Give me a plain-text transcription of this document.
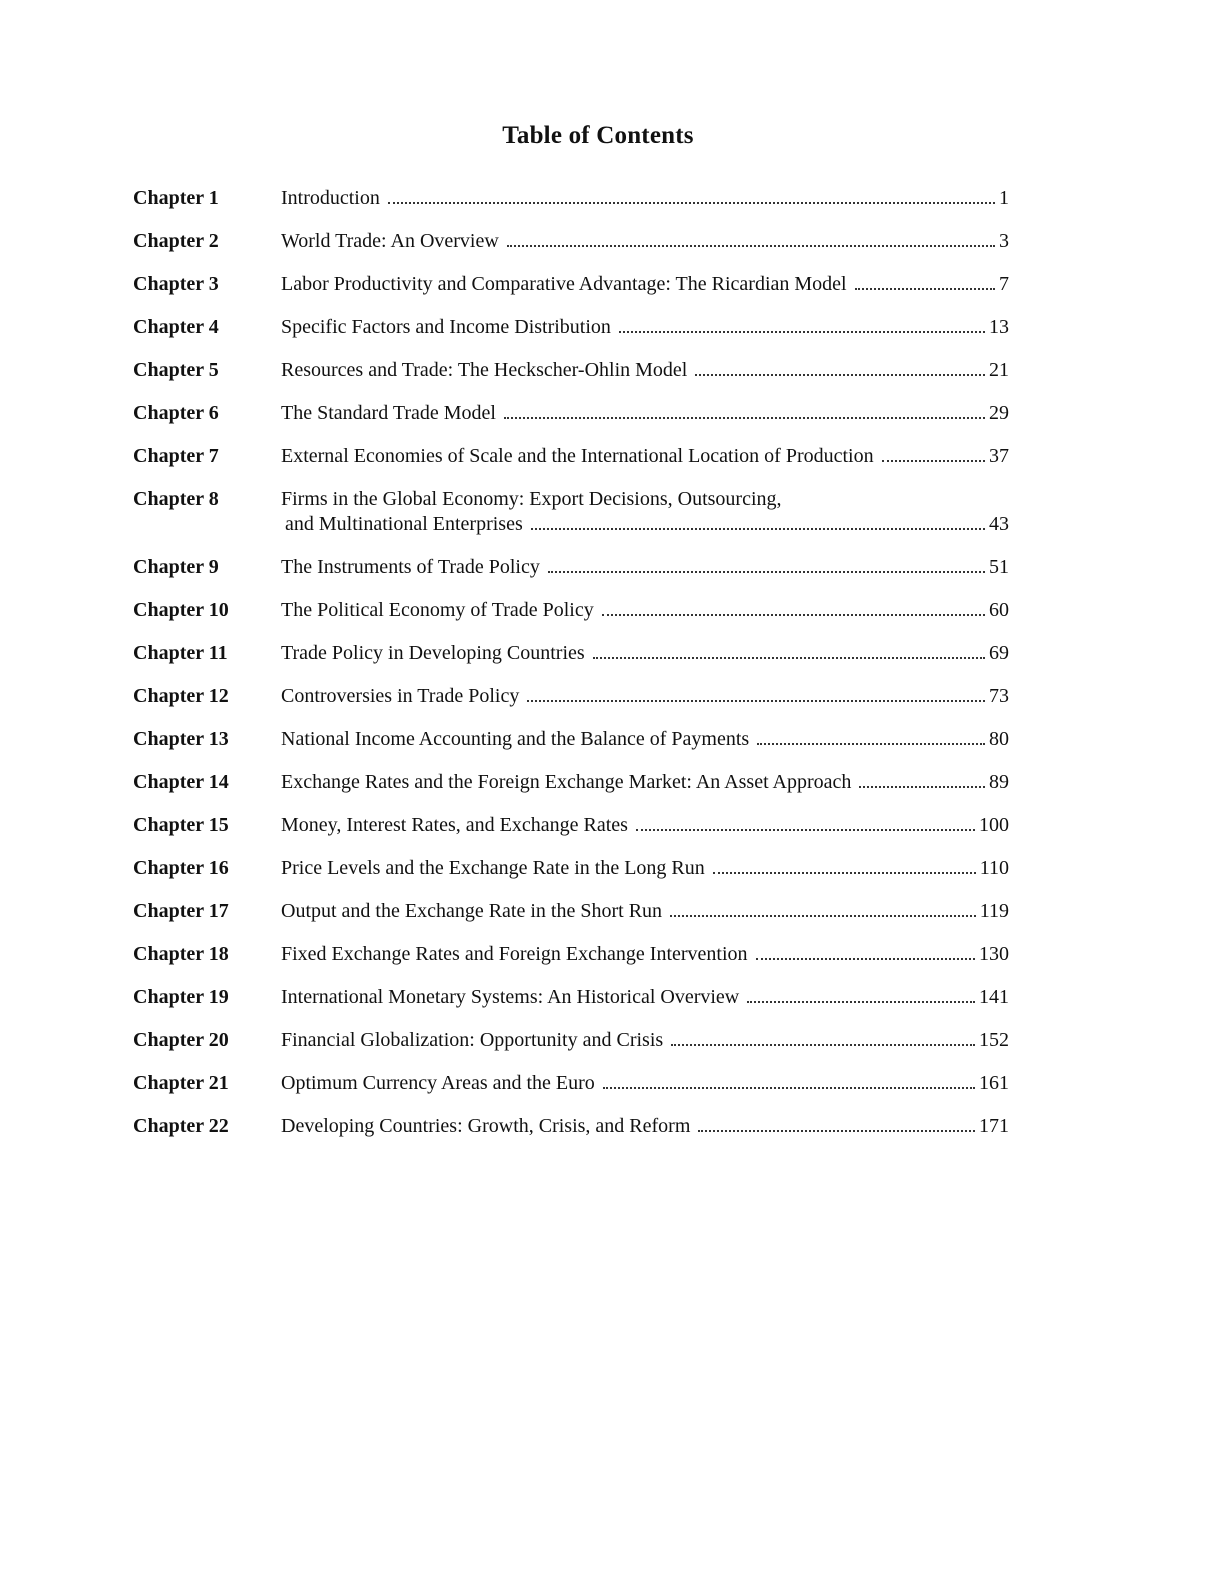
Table of Contents
Chapter 1	Introduction	1
Chapter 2	World Trade: An Overview	3
Chapter 3	Labor Productivity and Comparative Advantage: The Ricardian Model	7
Chapter 4	Specific Factors and Income Distribution	13
Chapter 5	Resources and Trade: The Heckscher-Ohlin Model	21
Chapter 6	The Standard Trade Model	29
Chapter 7	External Economies of Scale and the International Location of Production	37
Chapter 8	Firms in the Global Economy: Export Decisions, Outsourcing,
and Multinational Enterprises	43
Chapter 9	The Instruments of Trade Policy	51
Chapter 10	The Political Economy of Trade Policy	60
Chapter 11	Trade Policy in Developing Countries	69
Chapter 12	Controversies in Trade Policy	73
Chapter 13	National Income Accounting and the Balance of Payments	80
Chapter 14	Exchange Rates and the Foreign Exchange Market: An Asset Approach	89
Chapter 15	Money, Interest Rates, and Exchange Rates	100
Chapter 16	Price Levels and the Exchange Rate in the Long Run	110
Chapter 17	Output and the Exchange Rate in the Short Run	119
Chapter 18	Fixed Exchange Rates and Foreign Exchange Intervention	130
Chapter 19	International Monetary Systems: An Historical Overview	141
Chapter 20	Financial Globalization: Opportunity and Crisis	152
Chapter 21	Optimum Currency Areas and the Euro	161
Chapter 22	Developing Countries: Growth, Crisis, and Reform	171
